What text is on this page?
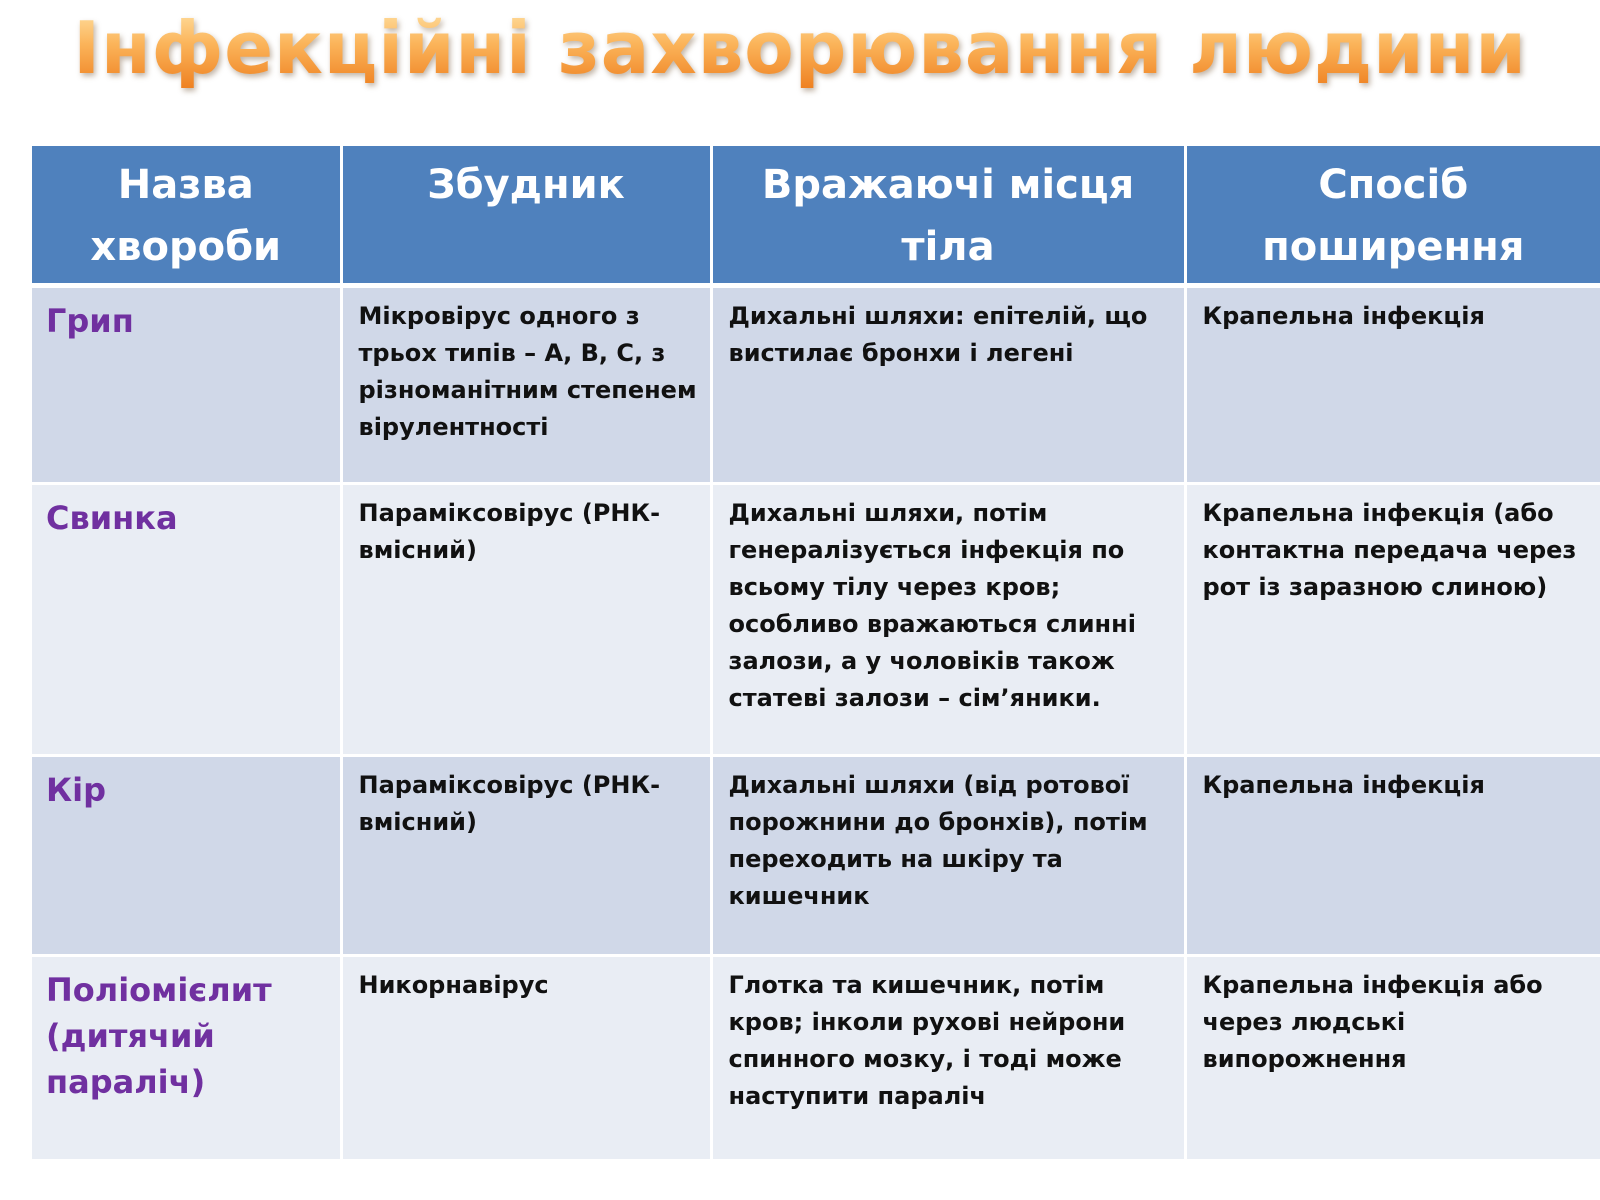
Інфекційні захворювання людини
Назва хвороби	Збудник	Вражаючі місця тіла	Спосіб поширення
Грип	Мікровірус одного з трьох типів – А, В, С, з різноманітним степенем вірулентності	Дихальні шляхи: епітелій, що вистилає бронхи і легені	Крапельна інфекція
Свинка	Параміксовірус (РНК-вмісний)	Дихальні шляхи, потім генералізується інфекція по всьому тілу через кров; особливо вражаються слинні залози, а у чоловіків також статеві залози – сім’яники.	Крапельна інфекція (або контактна передача через рот із заразною слиною)
Кір	Параміксовірус (РНК-вмісний)	Дихальні шляхи (від ротової порожнини до бронхів), потім переходить на шкіру та кишечник	Крапельна інфекція
Поліомієлит (дитячий параліч)	Никорнавірус	Глотка та кишечник, потім кров; інколи рухові нейрони спинного мозку, і тоді може наступити параліч	Крапельна інфекція або через людські випорожнення
